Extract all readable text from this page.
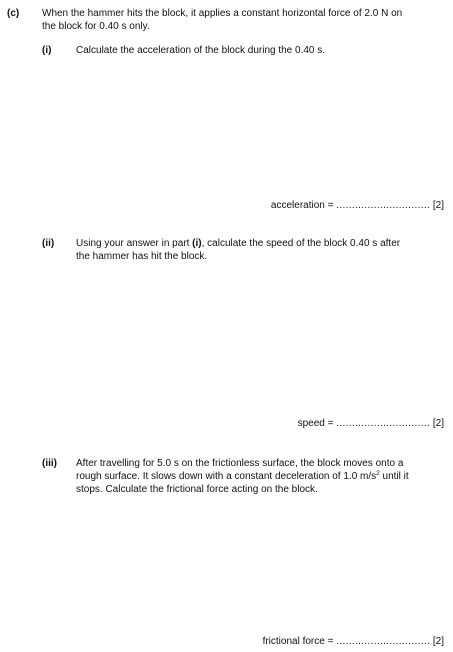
(c) When the hammer hits the block, it applies a constant horizontal force of 2.0 N on
the block for 0.40 s only.
(i) Calculate the acceleration of the block during the 0.40 s.
acceleration = .............................. [2]
(ii) Using your answer in part (i), calculate the speed of the block 0.40 s after
the hammer has hit the block.
speed = .............................. [2]
(iii) After travelling for 5.0 s on the frictionless surface, the block moves onto a
rough surface. It slows down with a constant deceleration of 1.0 $m/s^2$ until it
stops. Calculate the frictional force acting on the block.
frictional force = .............................. [2]
